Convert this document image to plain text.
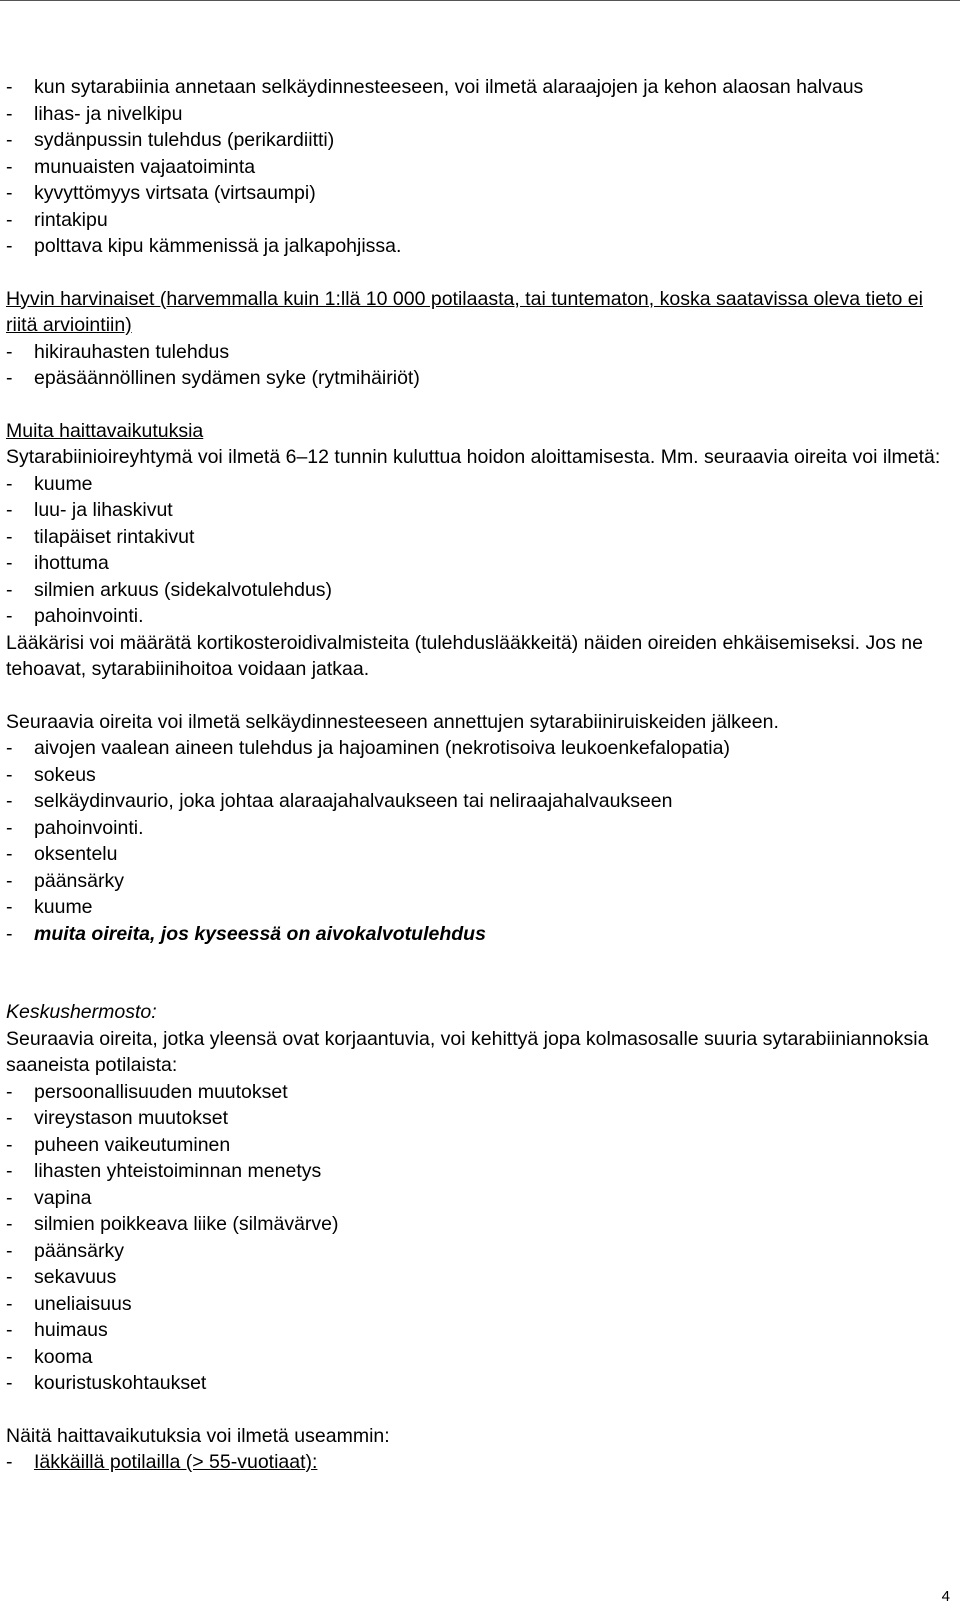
-	kun sytarabiinia annetaan selkäydinnesteeseen, voi ilmetä alaraajojen ja kehon alaosan halvaus
-	lihas- ja nivelkipu
-	sydänpussin tulehdus (perikardiitti)
-	munuaisten vajaatoiminta
-	kyvyttömyys virtsata (virtsaumpi)
-	rintakipu
-	polttava kipu kämmenissä ja jalkapohjissa.

Hyvin harvinaiset (harvemmalla kuin 1:llä 10 000 potilaasta, tai tuntematon, koska saatavissa oleva tieto ei riitä arviointiin)

-	hikirauhasten tulehdus
-	epäsäännöllinen sydämen syke (rytmihäiriöt)

Muita haittavaikutuksia

Sytarabiinioireyhtymä voi ilmetä 6–12 tunnin kuluttua hoidon aloittamisesta. Mm. seuraavia oireita voi ilmetä:

-	kuume
-	luu- ja lihaskivut
-	tilapäiset rintakivut
-	ihottuma
-	silmien arkuus (sidekalvotulehdus)
-	pahoinvointi.

Lääkärisi voi määrätä kortikosteroidivalmisteita (tulehduslääkkeitä) näiden oireiden ehkäisemiseksi. Jos ne tehoavat, sytarabiinihoitoa voidaan jatkaa.

Seuraavia oireita voi ilmetä selkäydinnesteeseen annettujen sytarabiiniruiskeiden jälkeen.

-	aivojen vaalean aineen tulehdus ja hajoaminen (nekrotisoiva leukoenkefalopatia)
-	sokeus
-	selkäydinvaurio, joka johtaa alaraajahalvaukseen tai neliraajahalvaukseen
-	pahoinvointi.
-	oksentelu
-	päänsärky
-	kuume
-	muita oireita, jos kyseessä on aivokalvotulehdus

Keskushermosto:

Seuraavia oireita, jotka yleensä ovat korjaantuvia, voi kehittyä jopa kolmasosalle suuria sytarabiiniannoksia saaneista potilaista:

-	persoonallisuuden muutokset
-	vireystason muutokset
-	puheen vaikeutuminen
-	lihasten yhteistoiminnan menetys
-	vapina
-	silmien poikkeava liike (silmävärve)
-	päänsärky
-	sekavuus
-	uneliaisuus
-	huimaus
-	kooma
-	kouristuskohtaukset

Näitä haittavaikutuksia voi ilmetä useammin:

-	Iäkkäillä potilailla (> 55-vuotiaat):
4
